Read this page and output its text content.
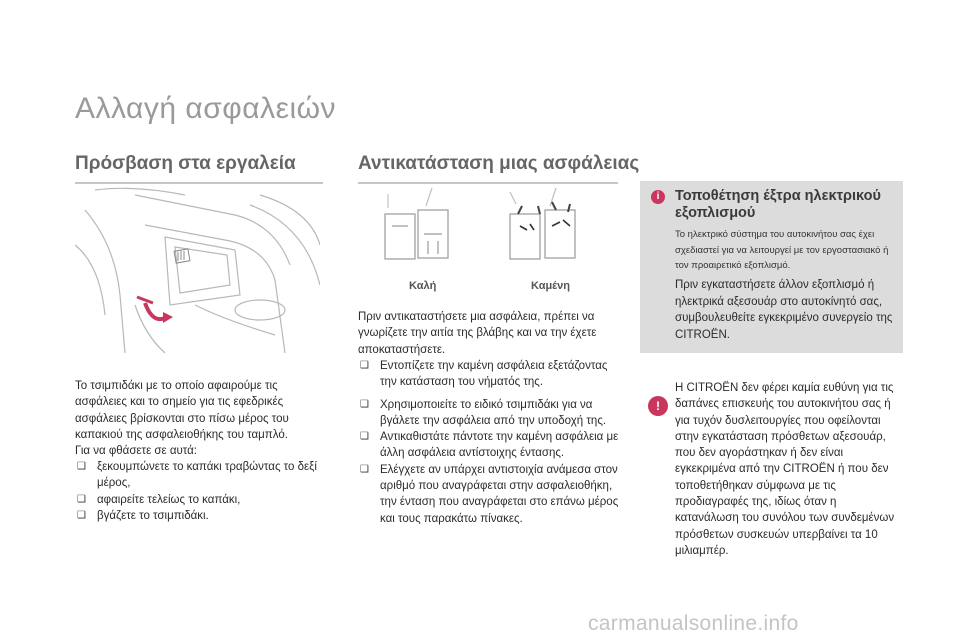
Αλλαγή ασφαλειών
Πρόσβαση στα εργαλεία
Το τσιμπιδάκι με το οποίο αφαιρούμε τις ασφάλειες και το σημείο για τις εφεδρικές ασφάλειες βρίσκονται στο πίσω μέρος του καπακιού της ασφαλειοθήκης του ταμπλό.
Για να φθάσετε σε αυτά:
❑ ξεκουμπώνετε το καπάκι τραβώντας το δεξί μέρος,
❑ αφαιρείτε τελείως το καπάκι,
❑ βγάζετε το τσιμπιδάκι.
Αντικατάσταση μιας ασφάλειας
Καλή	Καμένη
Πριν αντικαταστήσετε μια ασφάλεια, πρέπει να γνωρίζετε την αιτία της βλάβης και να την έχετε αποκαταστήσετε.
❑ Εντοπίζετε την καμένη ασφάλεια εξετάζοντας την κατάσταση του νήματός της.
❑ Χρησιμοποιείτε το ειδικό τσιμπιδάκι για να βγάλετε την ασφάλεια από την υποδοχή της.
❑ Αντικαθιστάτε πάντοτε την καμένη ασφάλεια με άλλη ασφάλεια αντίστοιχης έντασης.
❑ Ελέγχετε αν υπάρχει αντιστοιχία ανάμεσα στον αριθμό που αναγράφεται στην ασφαλειοθήκη, την ένταση που αναγράφεται στο επάνω μέρος και τους παρακάτω πίνακες.
i	Τοποθέτηση έξτρα ηλεκτρικού εξοπλισμού
Το ηλεκτρικό σύστημα του αυτοκινήτου σας έχει σχεδιαστεί για να λειτουργεί με τον εργοστασιακό ή τον προαιρετικό εξοπλισμό.
Πριν εγκαταστήσετε άλλον εξοπλισμό ή ηλεκτρικά αξεσουάρ στο αυτοκίνητό σας, συμβουλευθείτε εγκεκριμένο συνεργείο της CITROËN.
!
Η CITROËN δεν φέρει καμία ευθύνη για τις δαπάνες επισκευής του αυτοκινήτου σας ή για τυχόν δυσλειτουργίες που οφείλονται στην εγκατάσταση πρόσθετων αξεσουάρ, που δεν αγοράστηκαν ή δεν είναι εγκεκριμένα από την CITROËN ή που δεν τοποθετήθηκαν σύμφωνα με τις προδιαγραφές της, ιδίως όταν η κατανάλωση του συνόλου των συνδεμένων πρόσθετων συσκευών υπερβαίνει τα 10 μιλιαμπέρ.
carmanualsonline.info
